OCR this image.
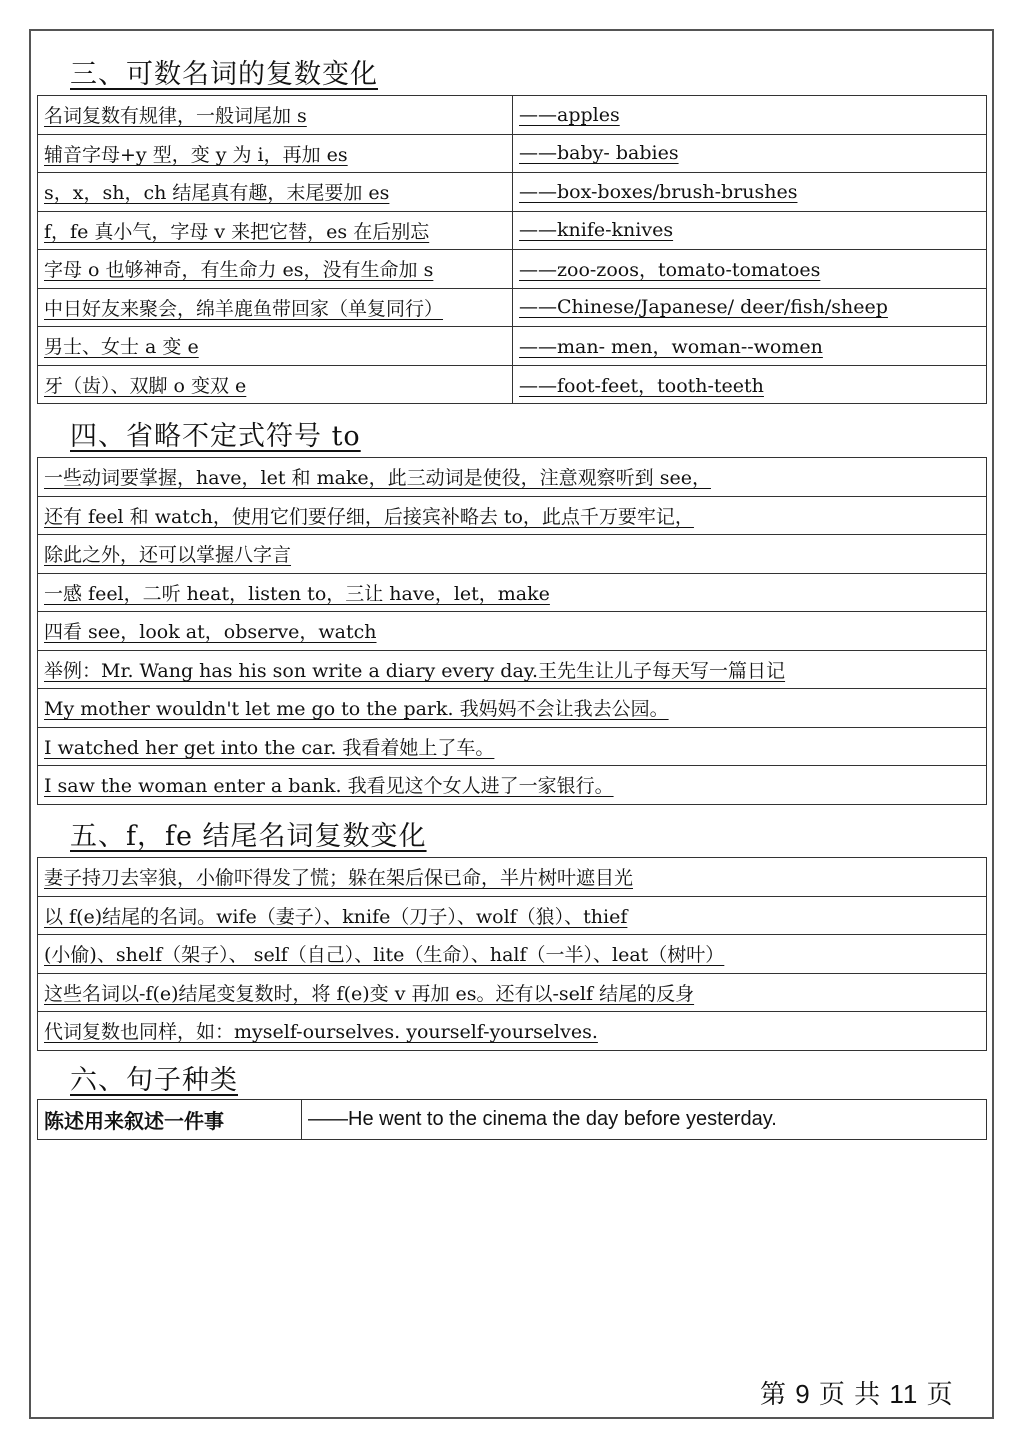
三、可数名词的复数变化
名词复数有规律，一般词尾加 s	——apples
辅音字母+y 型，变 y 为 i，再加 es	——baby- babies
s，x，sh，ch 结尾真有趣，末尾要加 es	——box-boxes/brush-brushes
f，fe 真小气，字母 v 来把它替，es 在后别忘	——knife-knives
字母 o 也够神奇，有生命力 es，没有生命加 s	——zoo-zoos，tomato-tomatoes
中日好友来聚会，绵羊鹿鱼带回家（单复同行）	——Chinese/Japanese/ deer/fish/sheep
男士、女士 a 变 e	——man- men，woman--women
牙（齿）、双脚 o 变双 e	——foot-feet，tooth-teeth
四、省略不定式符号 to
一些动词要掌握，have，let 和 make，此三动词是使役，注意观察听到 see，
还有 feel 和 watch，使用它们要仔细，后接宾补略去 to，此点千万要牢记，
除此之外，还可以掌握八字言
一感 feel，二听 heat，listen to，三让 have，let，make
四看 see，look at，observe，watch
举例：Mr. Wang has his son write a diary every day.王先生让儿子每天写一篇日记
My mother wouldn't let me go to the park. 我妈妈不会让我去公园。
I watched her get into the car. 我看着她上了车。
I saw the woman enter a bank. 我看见这个女人进了一家银行。
五、f，fe 结尾名词复数变化
妻子持刀去宰狼，小偷吓得发了慌；躲在架后保已命，半片树叶遮目光
以 f(e)结尾的名词。wife（妻子）、knife（刀子）、wolf（狼）、thief
(小偷)、shelf（架子）、 self（自己）、lite（生命）、half（一半）、leat（树叶）
这些名词以-f(e)结尾变复数时，将 f(e)变 v 再加 es。还有以-self 结尾的反身
代词复数也同样，如：myself-ourselves. yourself-yourselves.
六、句子种类
陈述用来叙述一件事	——He went to the cinema the day before yesterday.
第 9 页 共 11 页
